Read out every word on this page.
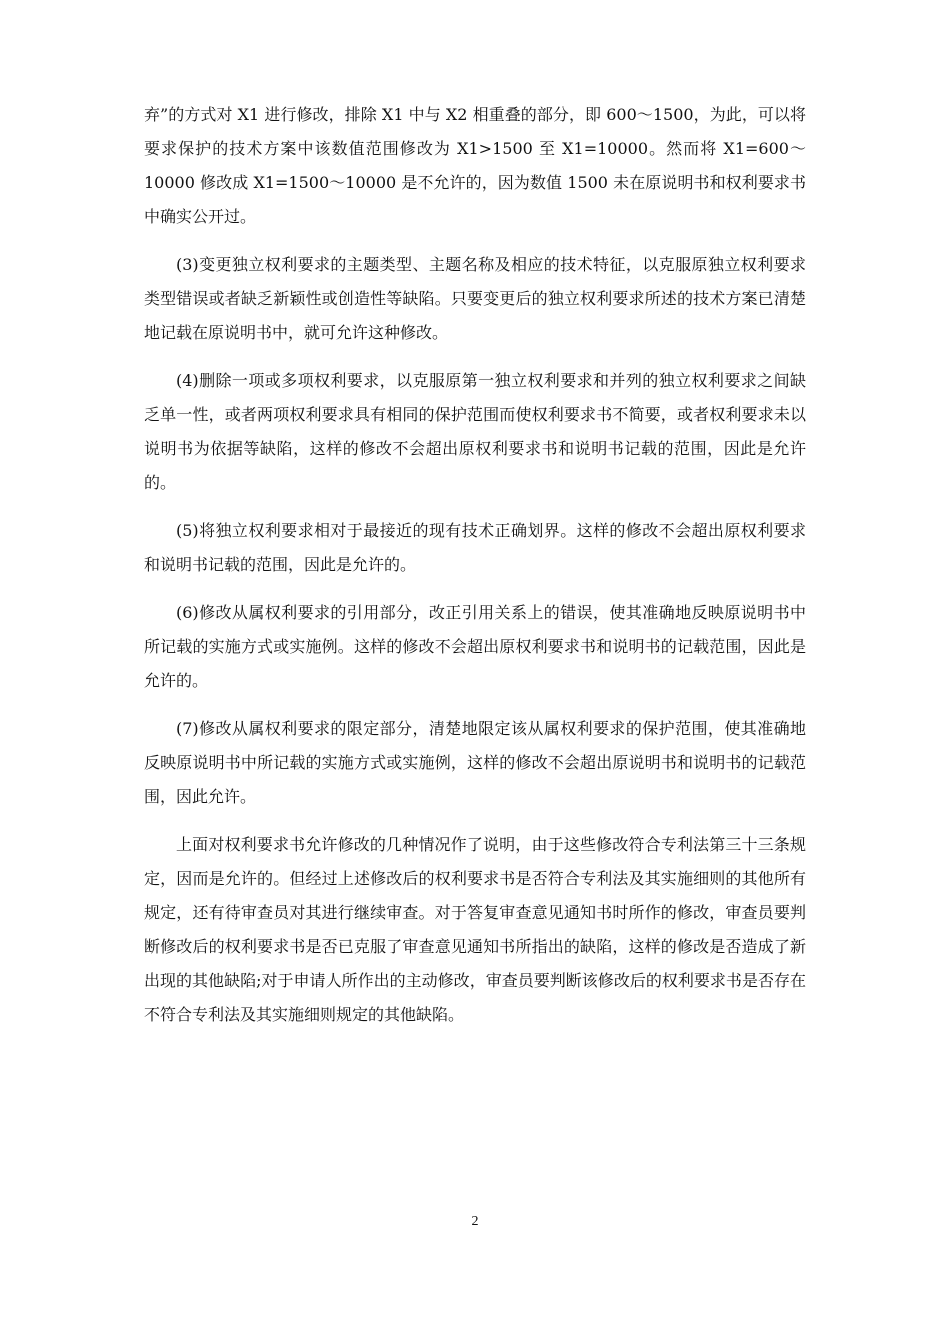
弃”的方式对 X1 进行修改，排除 X1 中与 X2 相重叠的部分，即 600～1500，为此，可以将要求保护的技术方案中该数值范围修改为 X1>1500 至 X1=10000。然而将 X1=600～10000 修改成 X1=1500～10000 是不允许的，因为数值 1500 未在原说明书和权利要求书中确实公开过。

(3)变更独立权利要求的主题类型、主题名称及相应的技术特征，以克服原独立权利要求类型错误或者缺乏新颖性或创造性等缺陷。只要变更后的独立权利要求所述的技术方案已清楚地记载在原说明书中，就可允许这种修改。

(4)删除一项或多项权利要求，以克服原第一独立权利要求和并列的独立权利要求之间缺乏单一性，或者两项权利要求具有相同的保护范围而使权利要求书不简要，或者权利要求未以说明书为依据等缺陷，这样的修改不会超出原权利要求书和说明书记载的范围，因此是允许的。

(5)将独立权利要求相对于最接近的现有技术正确划界。这样的修改不会超出原权利要求和说明书记载的范围，因此是允许的。

(6)修改从属权利要求的引用部分，改正引用关系上的错误，使其准确地反映原说明书中所记载的实施方式或实施例。这样的修改不会超出原权利要求书和说明书的记载范围，因此是允许的。

(7)修改从属权利要求的限定部分，清楚地限定该从属权利要求的保护范围，使其准确地反映原说明书中所记载的实施方式或实施例，这样的修改不会超出原说明书和说明书的记载范围，因此允许。

上面对权利要求书允许修改的几种情况作了说明，由于这些修改符合专利法第三十三条规定，因而是允许的。但经过上述修改后的权利要求书是否符合专利法及其实施细则的其他所有规定，还有待审查员对其进行继续审查。对于答复审查意见通知书时所作的修改，审查员要判断修改后的权利要求书是否已克服了审查意见通知书所指出的缺陷，这样的修改是否造成了新出现的其他缺陷;对于申请人所作出的主动修改，审查员要判断该修改后的权利要求书是否存在不符合专利法及其实施细则规定的其他缺陷。

2
